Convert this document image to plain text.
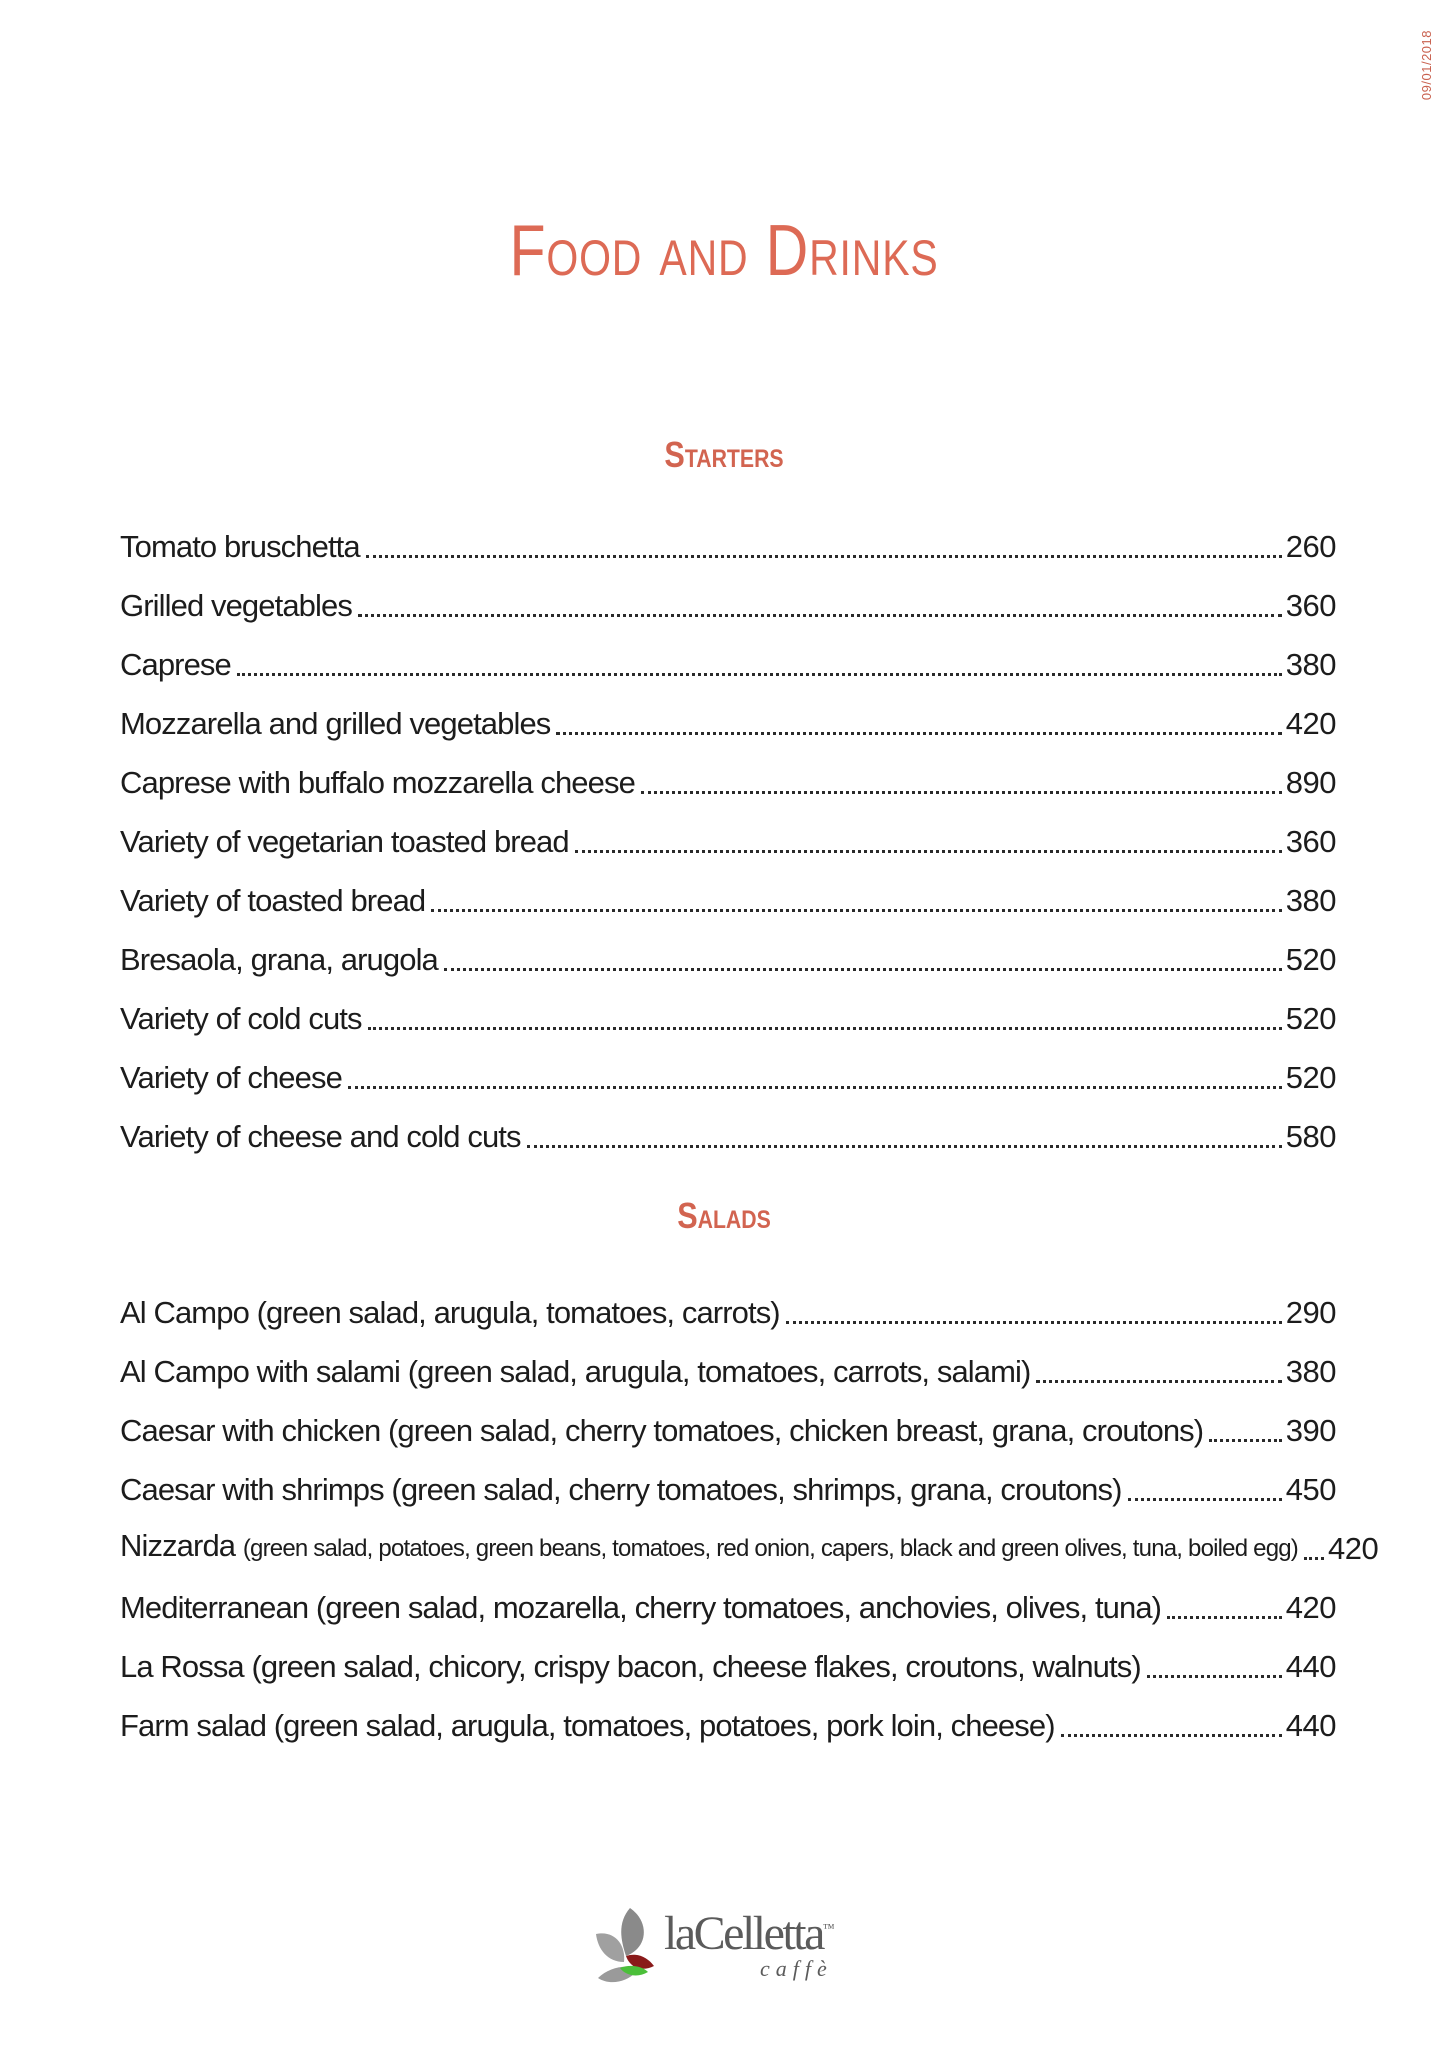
09/01/2018
Food and Drinks
Starters
Tomato bruschetta	260
Grilled vegetables	360
Caprese	380
Mozzarella and grilled vegetables	420
Caprese with buffalo mozzarella cheese	890
Variety of vegetarian toasted bread	360
Variety of toasted bread	380
Bresaola, grana, arugola	520
Variety of cold cuts	520
Variety of cheese	520
Variety of cheese and cold cuts	580
Salads
Al Campo (green salad, arugula, tomatoes, carrots)	290
Al Campo with salami (green salad, arugula, tomatoes, carrots, salami)	380
Caesar with chicken (green salad, cherry tomatoes, chicken breast, grana, croutons)	390
Caesar with shrimps (green salad, cherry tomatoes, shrimps, grana, croutons)	450
Nizzarda (green salad, potatoes, green beans, tomatoes, red onion, capers, black and green olives, tuna, boiled egg) 420
Mediterranean (green salad, mozarella, cherry tomatoes, anchovies, olives, tuna)	420
La Rossa (green salad, chicory, crispy bacon, cheese flakes, croutons, walnuts)	440
Farm salad (green salad, arugula, tomatoes, potatoes, pork loin, cheese)	440
laCelletta™
caffè
